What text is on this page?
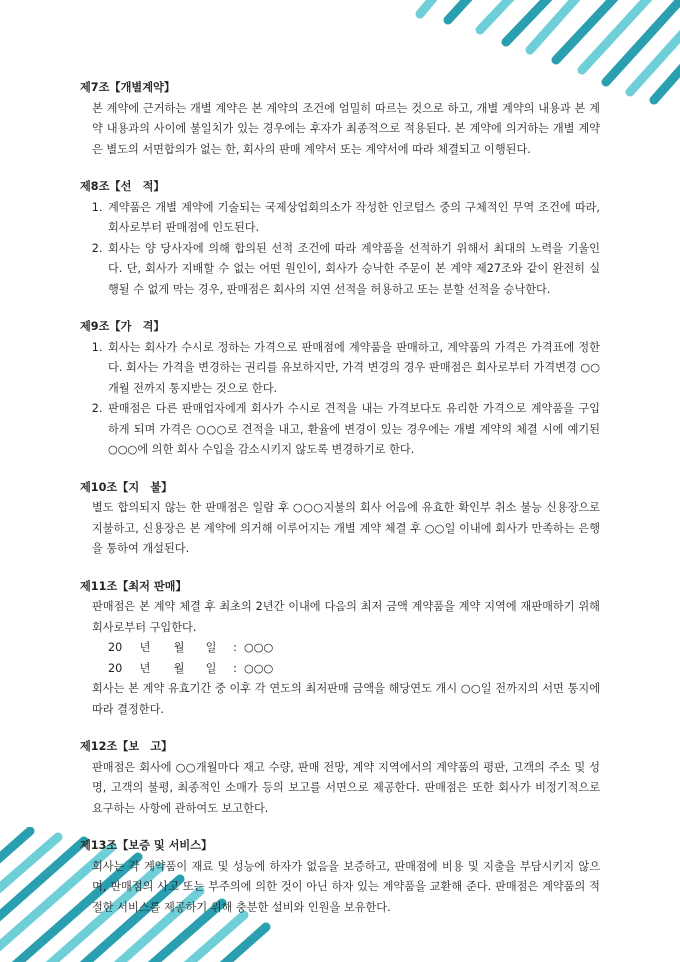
제7조【개별계약】

본 계약에 근거하는 개별 계약은 본 계약의 조건에 엄밀히 따르는 것으로 하고, 개별 계약의 내용과 본 계약 내용과의 사이에 불일치가 있는 경우에는 후자가 최종적으로 적용된다. 본 계약에 의거하는 개별 계약은 별도의 서면합의가 없는 한, 회사의 판매 계약서 또는 계약서에 따라 체결되고 이행된다.

제8조【선　적】

1. 계약품은 개별 계약에 기술되는 국제상업회의소가 작성한 인코텀스 중의 구체적인 무역 조건에 따라, 회사로부터 판매점에 인도된다.
2. 회사는 양 당사자에 의해 합의된 선적 조건에 따라 계약품을 선적하기 위해서 최대의 노력을 기울인다. 단, 회사가 지배할 수 없는 어떤 원인이, 회사가 승낙한 주문이 본 계약 제27조와 같이 완전히 실행될 수 없게 막는 경우, 판매점은 회사의 지연 선적을 허용하고 또는 분할 선적을 승낙한다.

제9조【가　격】

1. 회사는 회사가 수시로 정하는 가격으로 판매점에 계약품을 판매하고, 계약품의 가격은 가격표에 정한다. 회사는 가격을 변경하는 권리를 유보하지만, 가격 변경의 경우 판매점은 회사로부터 가격변경 ○○개월 전까지 통지받는 것으로 한다.
2. 판매점은 다른 판매업자에게 회사가 수시로 견적을 내는 가격보다도 유리한 가격으로 계약품을 구입하게 되며 가격은 ○○○로 견적을 내고, 환율에 변경이 있는 경우에는 개별 계약의 체결 시에 예기된 ○○○에 의한 회사 수입을 감소시키지 않도록 변경하기로 한다.

제10조【지　불】

별도 합의되지 않는 한 판매점은 일람 후 ○○○지불의 회사 어음에 유효한 확인부 취소 불능 신용장으로 지불하고, 신용장은 본 계약에 의거해 이루어지는 개별 계약 체결 후 ○○일 이내에 회사가 만족하는 은행을 통하여 개설된다.

제11조【최저 판매】

판매점은 본 계약 체결 후 최초의 2년간 이내에 다음의 최저 금액 계약품을 계약 지역에 재판매하기 위해 회사로부터 구입한다.

20 년 월 일 : ○○○

20 년 월 일 : ○○○

회사는 본 계약 유효기간 중 이후 각 연도의 최저판매 금액을 해당연도 개시 ○○일 전까지의 서면 통지에 따라 결정한다.

제12조【보　고】

판매점은 회사에 ○○개월마다 재고 수량, 판매 전망, 계약 지역에서의 계약품의 평판, 고객의 주소 및 성명, 고객의 불평, 최종적인 소매가 등의 보고를 서면으로 제공한다. 판매점은 또한 회사가 비정기적으로 요구하는 사항에 관하여도 보고한다.

제13조【보증 및 서비스】

회사는 각 계약품이 재료 및 성능에 하자가 없음을 보증하고, 판매점에 비용 및 지출을 부담시키지 않으며, 판매점의 사고 또는 부주의에 의한 것이 아닌 하자 있는 계약품을 교환해 준다. 판매점은 계약품의 적절한 서비스를 제공하기 위해 충분한 설비와 인원을 보유한다.
